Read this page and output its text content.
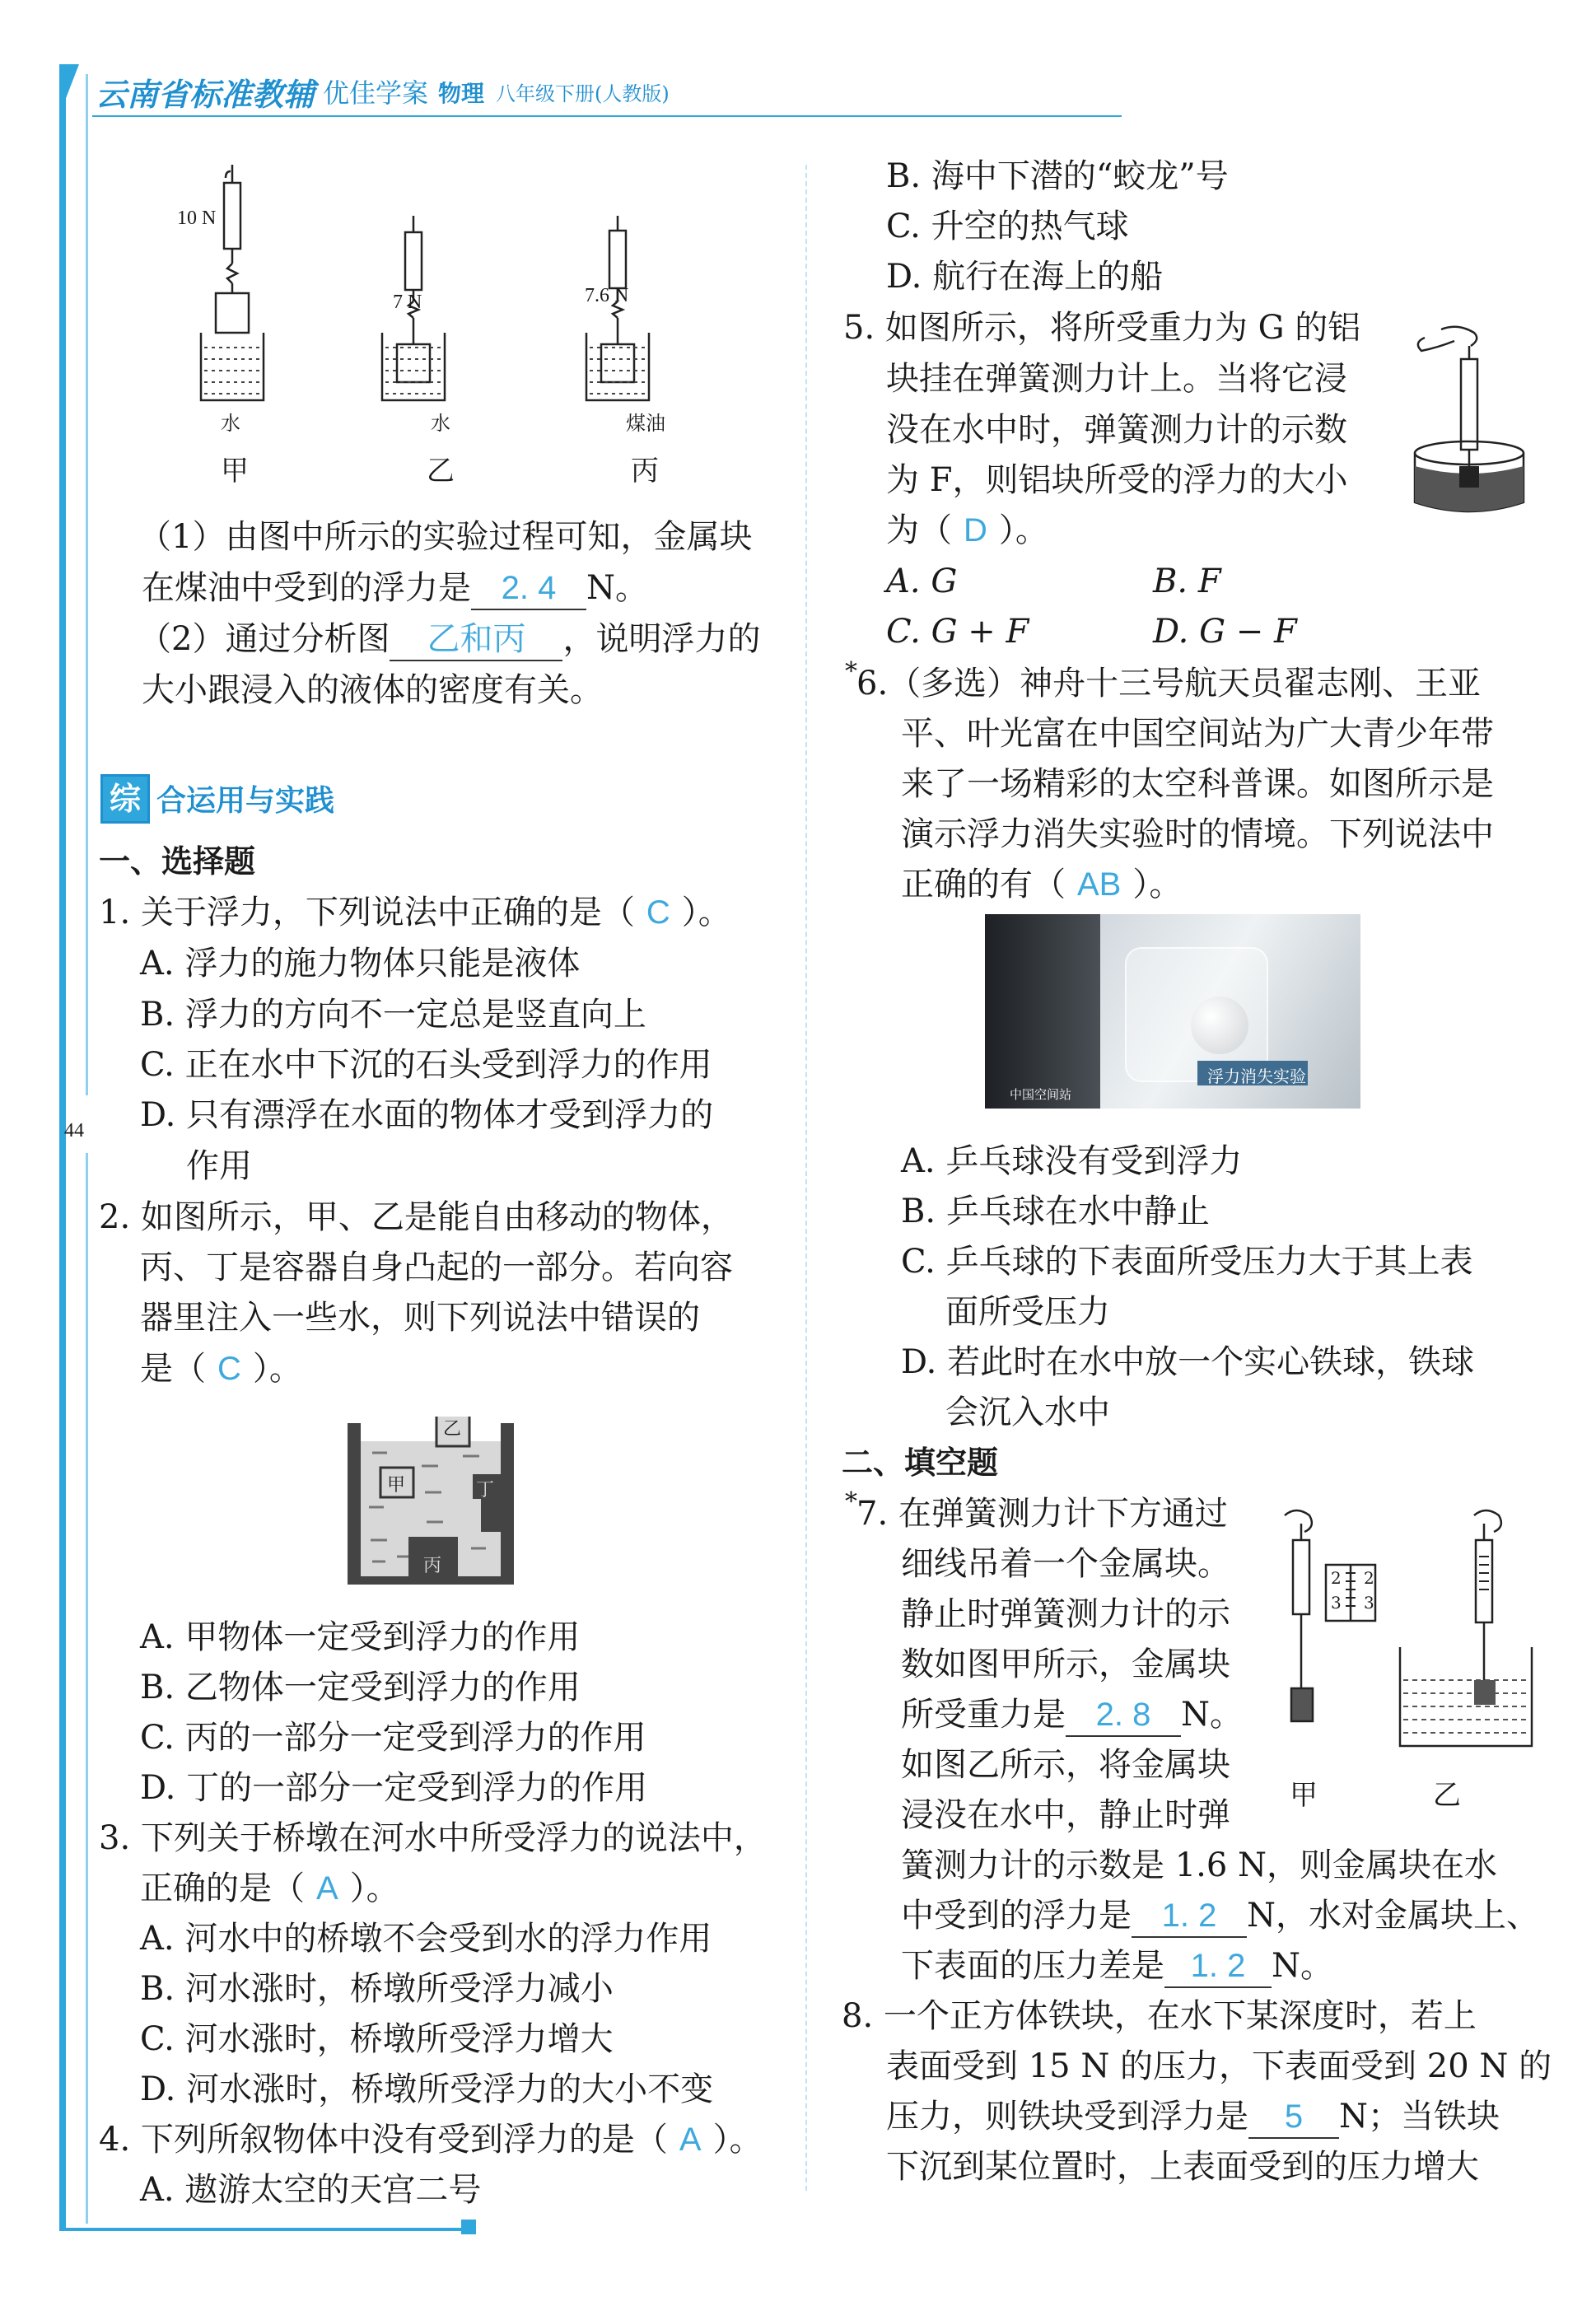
44
云南省标准教辅 优佳学案 物理 八年级下册(人教版)
10 N
7 N	7.6 N
水	水	煤油
甲	乙	丙
（1）由图中所示的实验过程可知，金属块
在煤油中受到的浮力是 2. 4 N。
（2）通过分析图 乙和丙 ，说明浮力的
大小跟浸入的液体的密度有关。
综 合运用与实践
一、选择题
1. 关于浮力，下列说法中正确的是（ C ）。
A. 浮力的施力物体只能是液体
B. 浮力的方向不一定总是竖直向上
C. 正在水中下沉的石头受到浮力的作用
D. 只有漂浮在水面的物体才受到浮力的
作用
2. 如图所示，甲、乙是能自由移动的物体，
丙、丁是容器自身凸起的一部分。若向容
器里注入一些水，则下列说法中错误的
是（ C ）。
乙
甲	丁
丙
A. 甲物体一定受到浮力的作用
B. 乙物体一定受到浮力的作用
C. 丙的一部分一定受到浮力的作用
D. 丁的一部分一定受到浮力的作用
3. 下列关于桥墩在河水中所受浮力的说法中，
正确的是（ A ）。
A. 河水中的桥墩不会受到水的浮力作用
B. 河水涨时，桥墩所受浮力减小
C. 河水涨时，桥墩所受浮力增大
D. 河水涨时，桥墩所受浮力的大小不变
4. 下列所叙物体中没有受到浮力的是（ A ）。
A. 遨游太空的天宫二号
B. 海中下潜的“蛟龙”号
C. 升空的热气球
D. 航行在海上的船
5. 如图所示，将所受重力为 G 的铝
块挂在弹簧测力计上。当将它浸
没在水中时，弹簧测力计的示数
为 F，则铝块所受的浮力的大小
为（ D ）。
A. G	B. F
C. G + F	D. G − F
* 6.（多选）神舟十三号航天员翟志刚、王亚
平、叶光富在中国空间站为广大青少年带
来了一场精彩的太空科普课。如图所示是
演示浮力消失实验时的情境。下列说法中
正确的有（ AB ）。
浮力消失实验
中国空间站
A. 乒乓球没有受到浮力
B. 乒乓球在水中静止
C. 乒乓球的下表面所受压力大于其上表
面所受压力
D. 若此时在水中放一个实心铁球，铁球
会沉入水中
二、填空题
* 7. 在弹簧测力计下方通过
细线吊着一个金属块。
静止时弹簧测力计的示
数如图甲所示，金属块
所受重力是 2. 8 N。
如图乙所示，将金属块
浸没在水中，静止时弹
簧测力计的示数是 1.6 N，则金属块在水
中受到的浮力是 1. 2 N，水对金属块上、
下表面的压力差是 1. 2 N。
2
3
2
3
甲	乙
8. 一个正方体铁块，在水下某深度时，若上
表面受到 15 N 的压力，下表面受到 20 N 的
压力，则铁块受到浮力是 5 N；当铁块
下沉到某位置时，上表面受到的压力增大
